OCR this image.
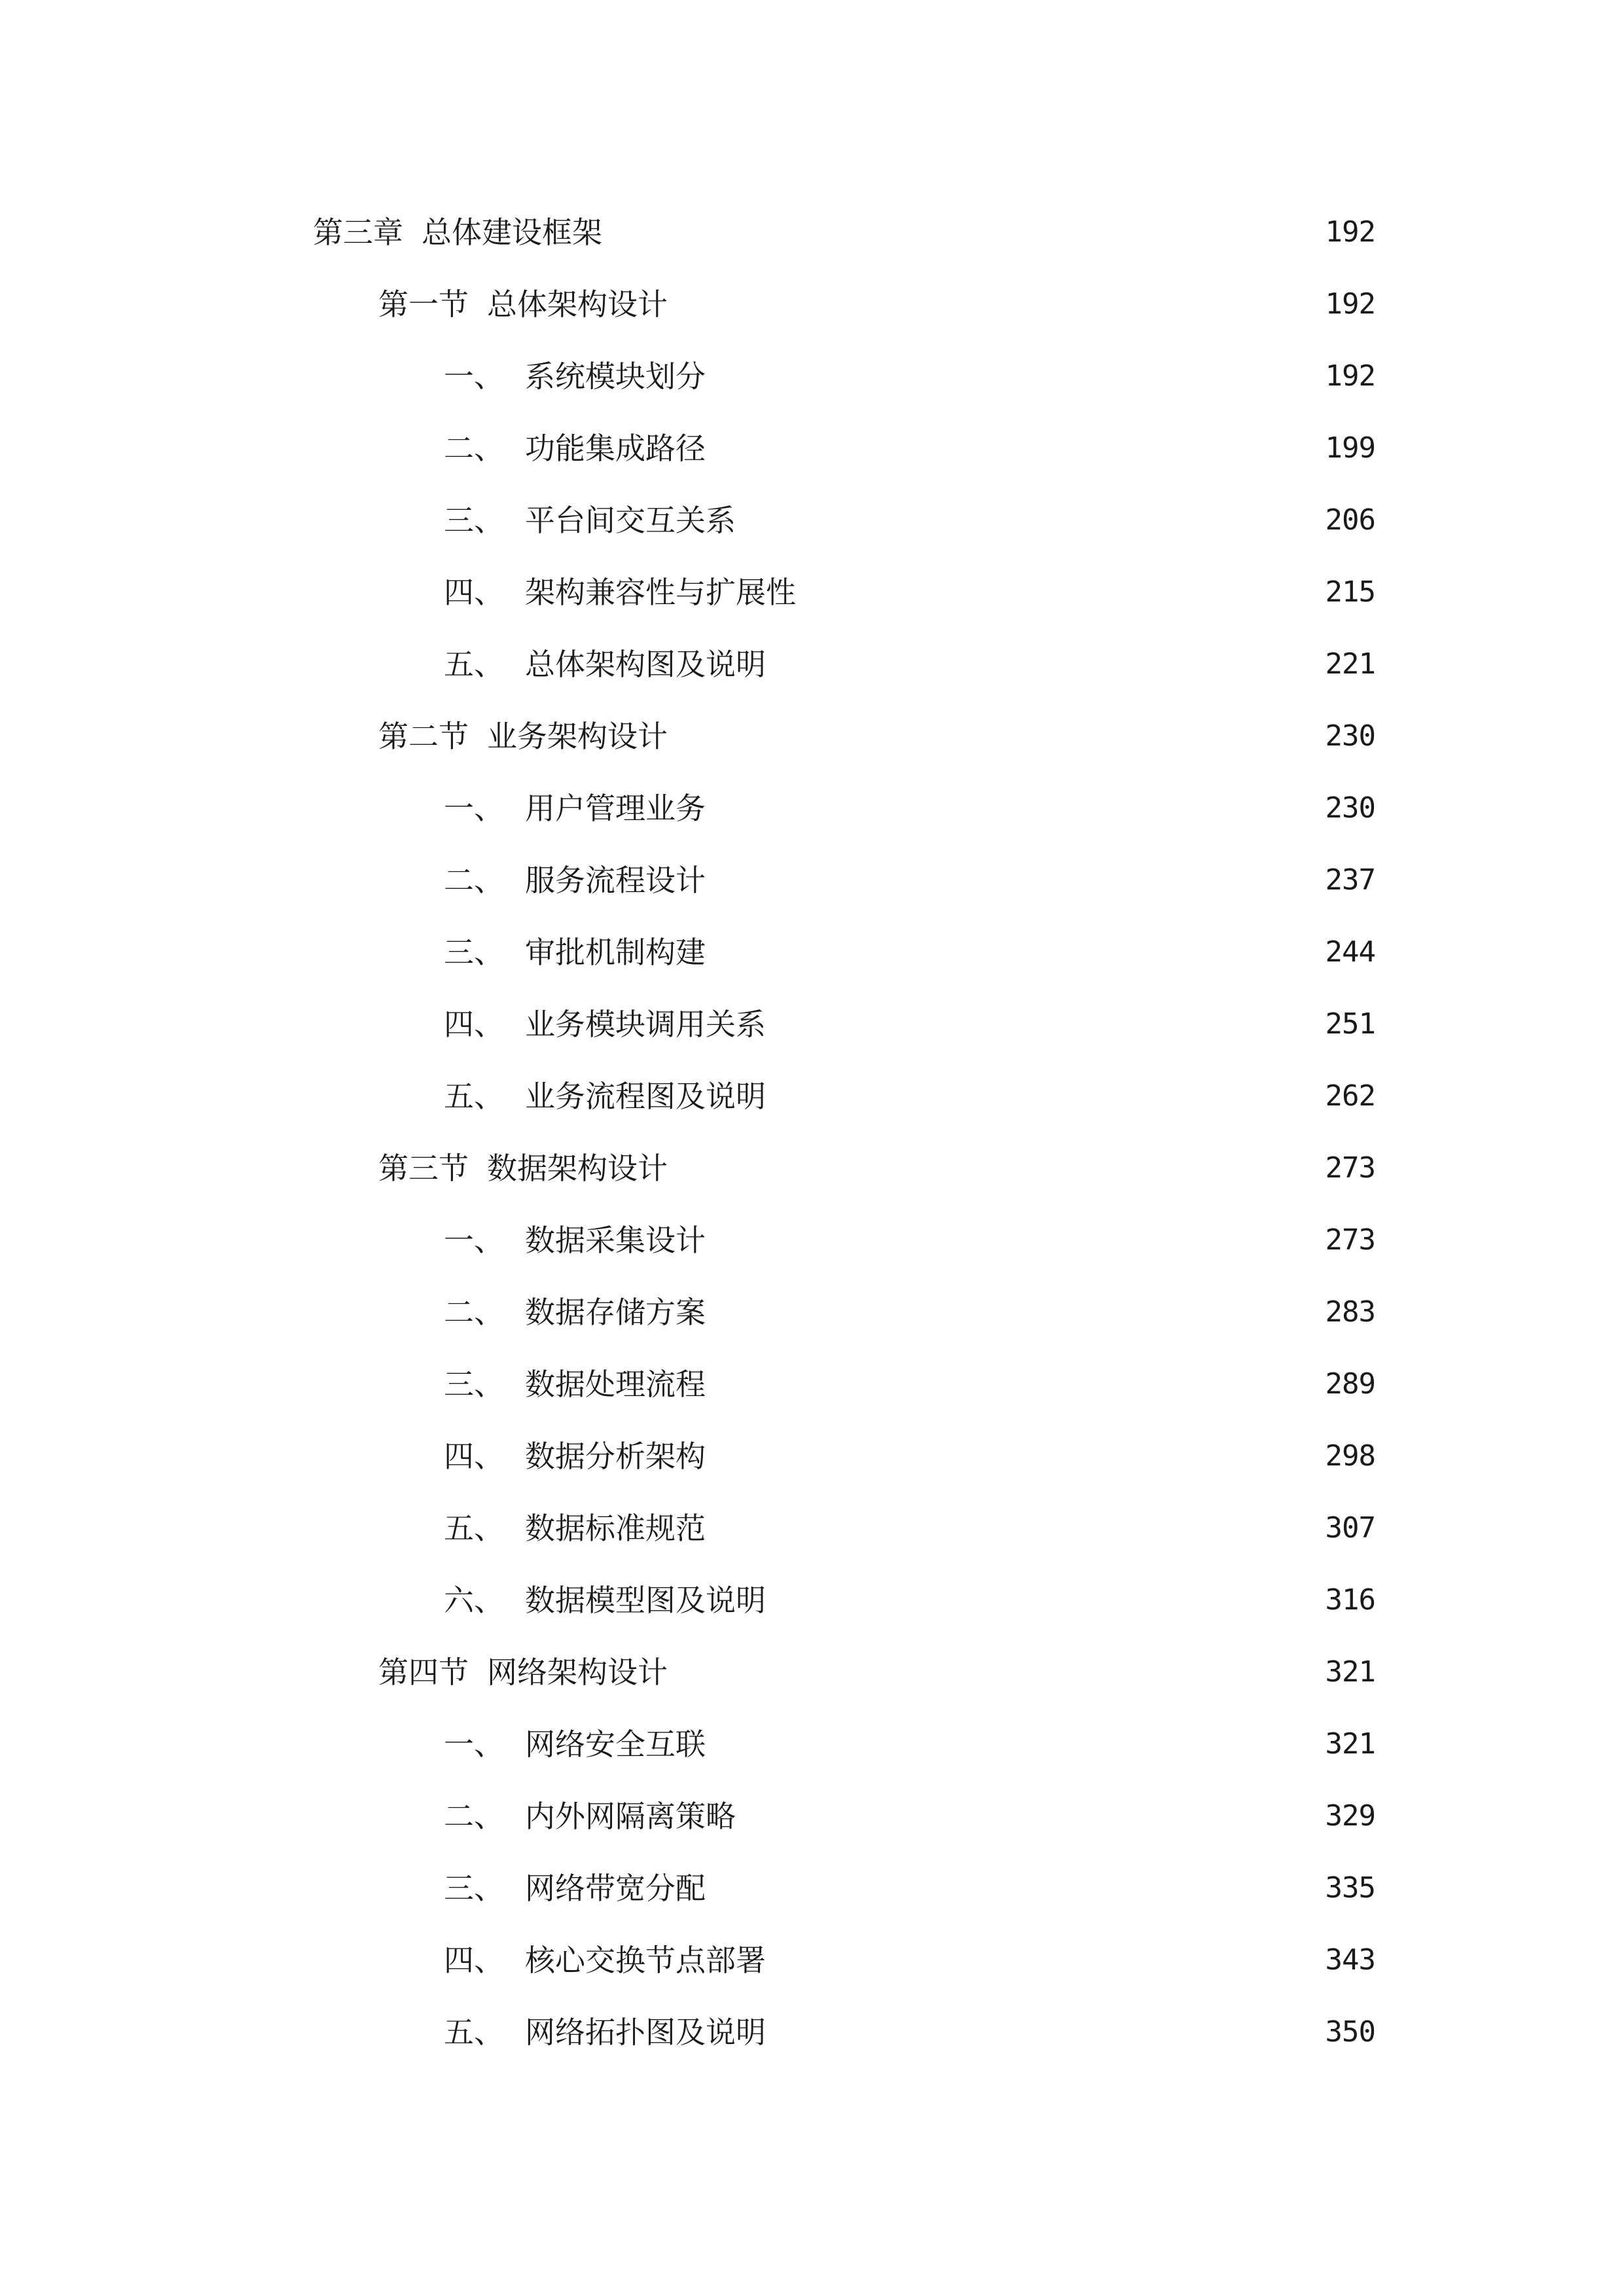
第三章 总体建设框架	192
第一节 总体架构设计	192
一、 系统模块划分	192
二、 功能集成路径	199
三、 平台间交互关系	206
四、 架构兼容性与扩展性	215
五、 总体架构图及说明	221
第二节 业务架构设计	230
一、 用户管理业务	230
二、 服务流程设计	237
三、 审批机制构建	244
四、 业务模块调用关系	251
五、 业务流程图及说明	262
第三节 数据架构设计	273
一、 数据采集设计	273
二、 数据存储方案	283
三、 数据处理流程	289
四、 数据分析架构	298
五、 数据标准规范	307
六、 数据模型图及说明	316
第四节 网络架构设计	321
一、 网络安全互联	321
二、 内外网隔离策略	329
三、 网络带宽分配	335
四、 核心交换节点部署	343
五、 网络拓扑图及说明	350
